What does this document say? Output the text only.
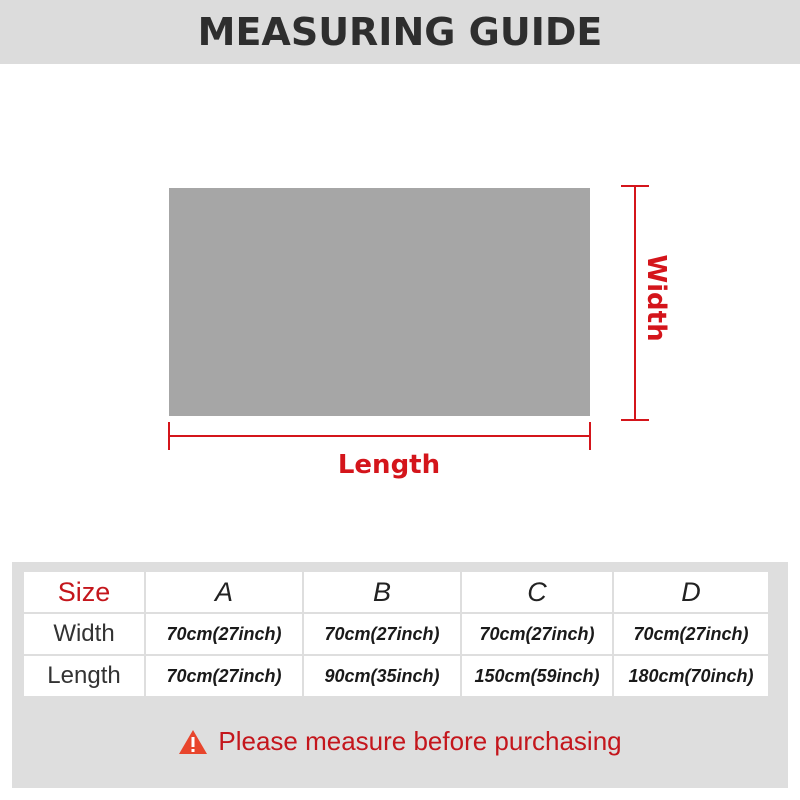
MEASURING GUIDE
Width
Length
Size	A	B	C	D
Width	70cm(27inch)	70cm(27inch)	70cm(27inch)	70cm(27inch)
Length	70cm(27inch)	90cm(35inch)	150cm(59inch)	180cm(70inch)
Please measure before purchasing
